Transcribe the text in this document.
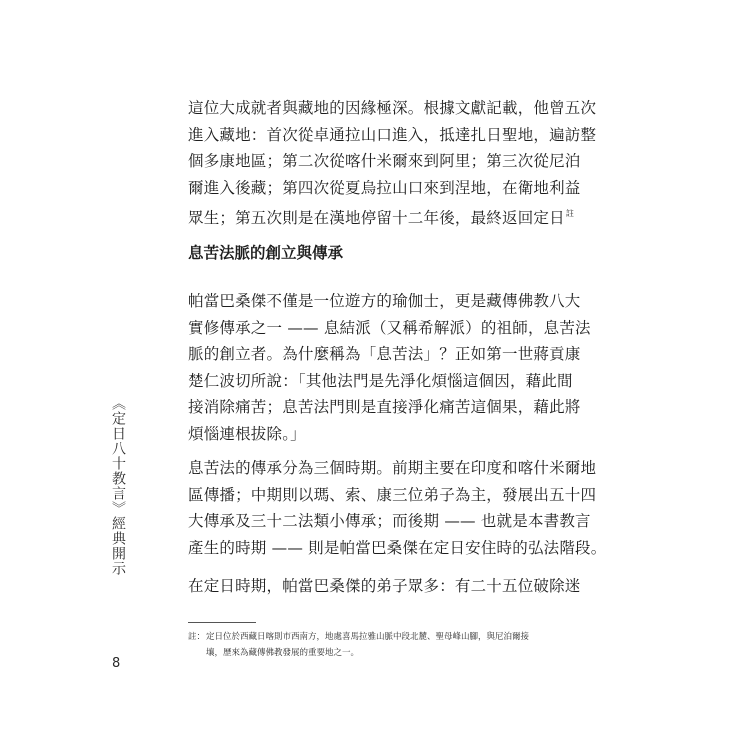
《定日八十教言》經典開示

這位大成就者與藏地的因緣極深。根據文獻記載，他曾五次
進入藏地：首次從卓通拉山口進入，抵達扎日聖地，遍訪整
個多康地區；第二次從喀什米爾來到阿里；第三次從尼泊
爾進入後藏；第四次從夏烏拉山口來到涅地，在衛地利益
眾生；第五次則是在漢地停留十二年後，最終返回定日$^註$

息苦法脈的創立與傳承

帕當巴桑傑不僅是一位遊方的瑜伽士，更是藏傳佛教八大
實修傳承之一 —— 息結派（又稱希解派）的祖師，息苦法
脈的創立者。為什麼稱為「息苦法」？正如第一世蔣貢康
楚仁波切所說：「其他法門是先淨化煩惱這個因，藉此間
接消除痛苦；息苦法門則是直接淨化痛苦這個果，藉此將
煩惱連根拔除。」

息苦法的傳承分為三個時期。前期主要在印度和喀什米爾地
區傳播；中期則以瑪、索、康三位弟子為主，發展出五十四
大傳承及三十二法類小傳承；而後期 —— 也就是本書教言
產生的時期 —— 則是帕當巴桑傑在定日安住時的弘法階段。

在定日時期，帕當巴桑傑的弟子眾多：有二十五位破除迷

註：定日位於西藏日喀則市西南方，地處喜馬拉雅山脈中段北麓、聖母峰山腳，與尼泊爾接
壤，歷來為藏傳佛教發展的重要地之一。
8
